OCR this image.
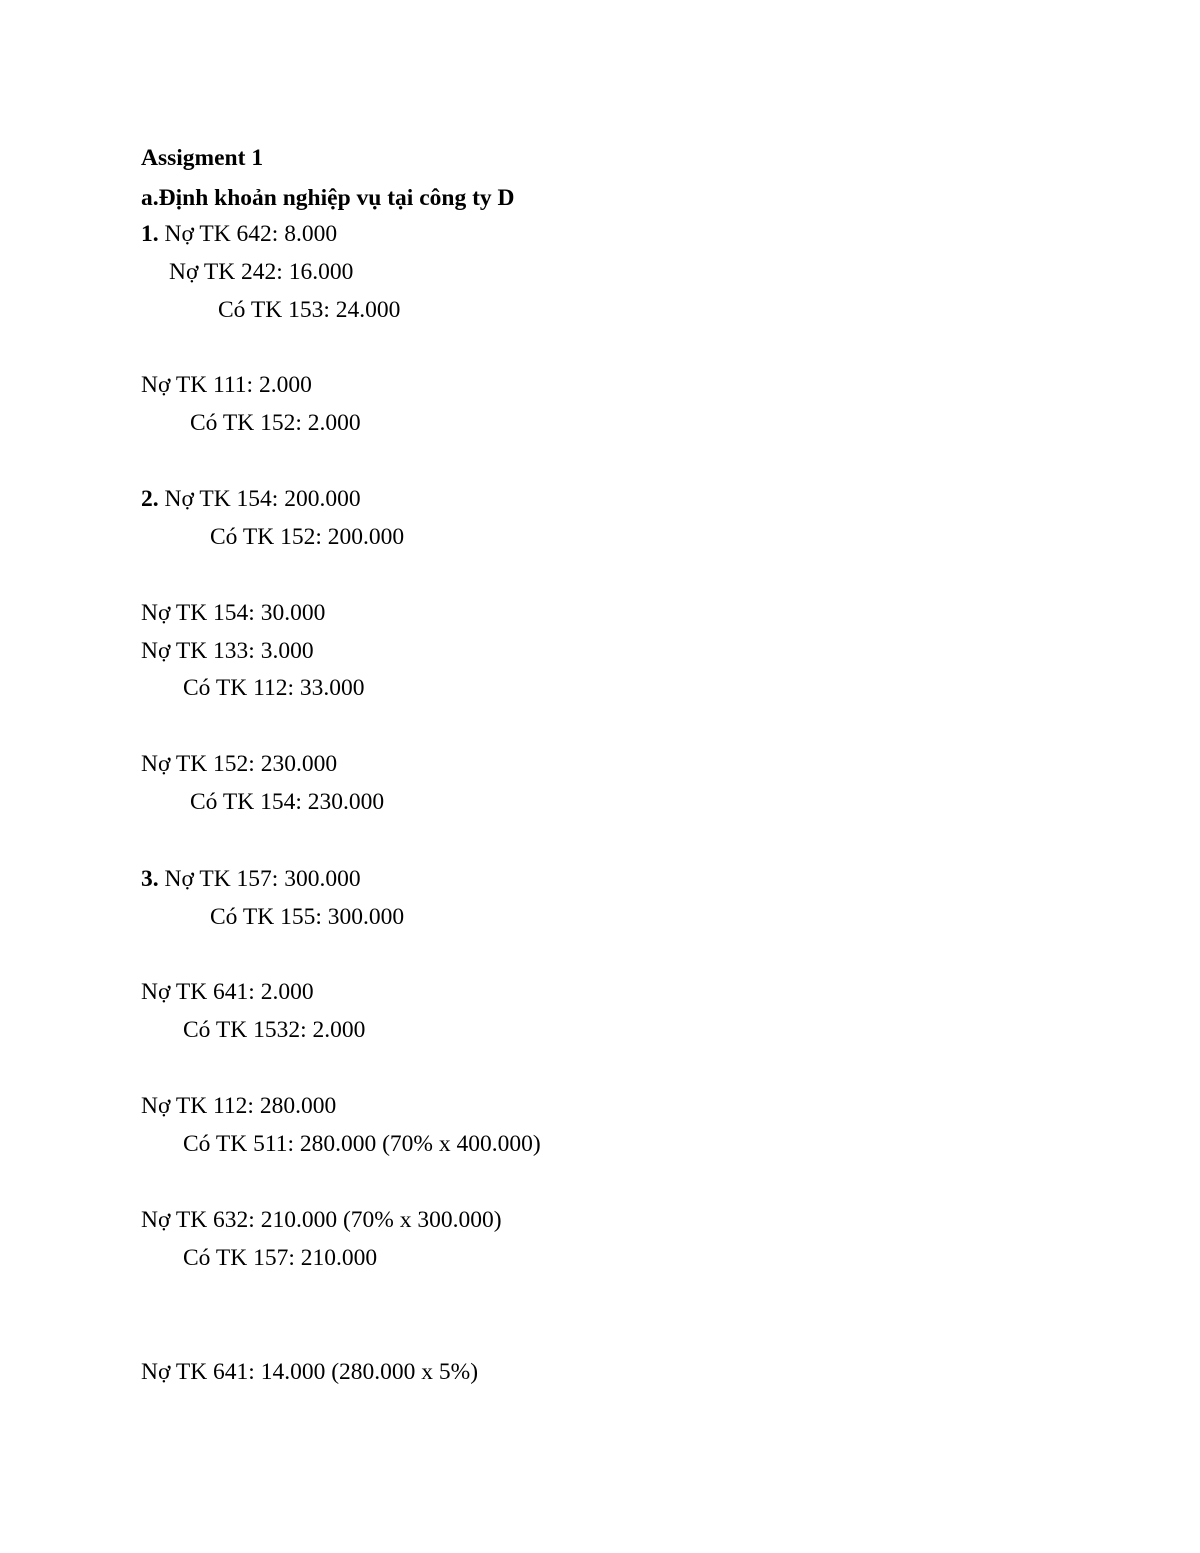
Assigment 1
a.Định khoản nghiệp vụ tại công ty D
1. Nợ TK 642: 8.000
Nợ TK 242: 16.000
Có TK 153: 24.000
Nợ TK 111: 2.000
Có TK 152: 2.000
2. Nợ TK 154: 200.000
Có TK 152: 200.000
Nợ TK 154: 30.000
Nợ TK 133: 3.000
Có TK 112: 33.000
Nợ TK 152: 230.000
Có TK 154: 230.000
3. Nợ TK 157: 300.000
Có TK 155: 300.000
Nợ TK 641: 2.000
Có TK 1532: 2.000
Nợ TK 112: 280.000
Có TK 511: 280.000 (70% x 400.000)
Nợ TK 632: 210.000 (70% x 300.000)
Có TK 157: 210.000
Nợ TK 641: 14.000 (280.000 x 5%)
